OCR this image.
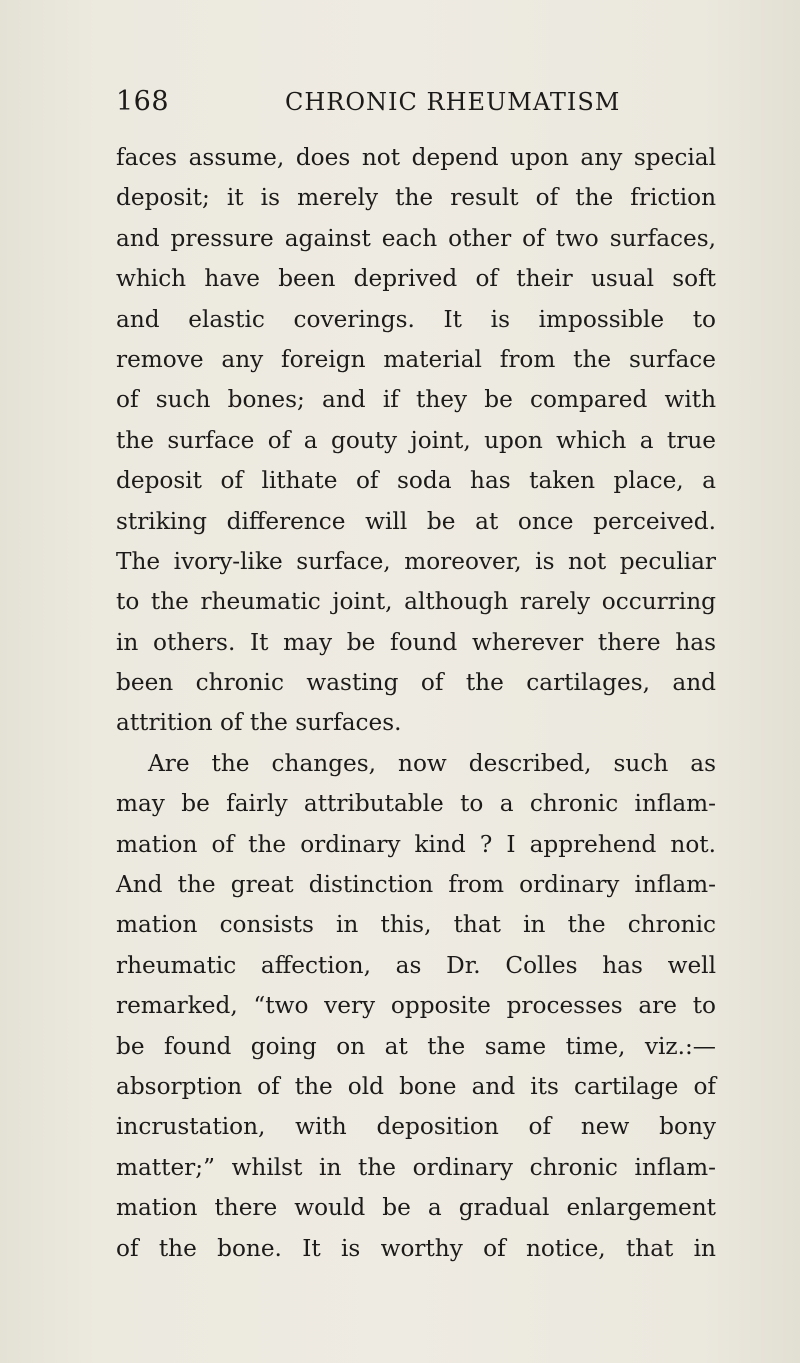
168	CHRONIC RHEUMATISM
faces assume, does not depend upon any special
deposit; it is merely the result of the friction
and pressure against each other of two surfaces,
which have been deprived of their usual soft
and elastic coverings. It is impossible to
remove any foreign material from the surface
of such bones; and if they be compared with
the surface of a gouty joint, upon which a true
deposit of lithate of soda has taken place, a
striking difference will be at once perceived.
The ivory-like surface, moreover, is not peculiar
to the rheumatic joint, although rarely occurring
in others. It may be found wherever there has
been chronic wasting of the cartilages, and
attrition of the surfaces.
Are the changes, now described, such as
may be fairly attributable to a chronic inflam-
mation of the ordinary kind ? I apprehend not.
And the great distinction from ordinary inflam-
mation consists in this, that in the chronic
rheumatic affection, as Dr. Colles has well
remarked, “two very opposite processes are to
be found going on at the same time, viz.:—
absorption of the old bone and its cartilage of
incrustation, with deposition of new bony
matter;” whilst in the ordinary chronic inflam-
mation there would be a gradual enlargement
of the bone. It is worthy of notice, that in
